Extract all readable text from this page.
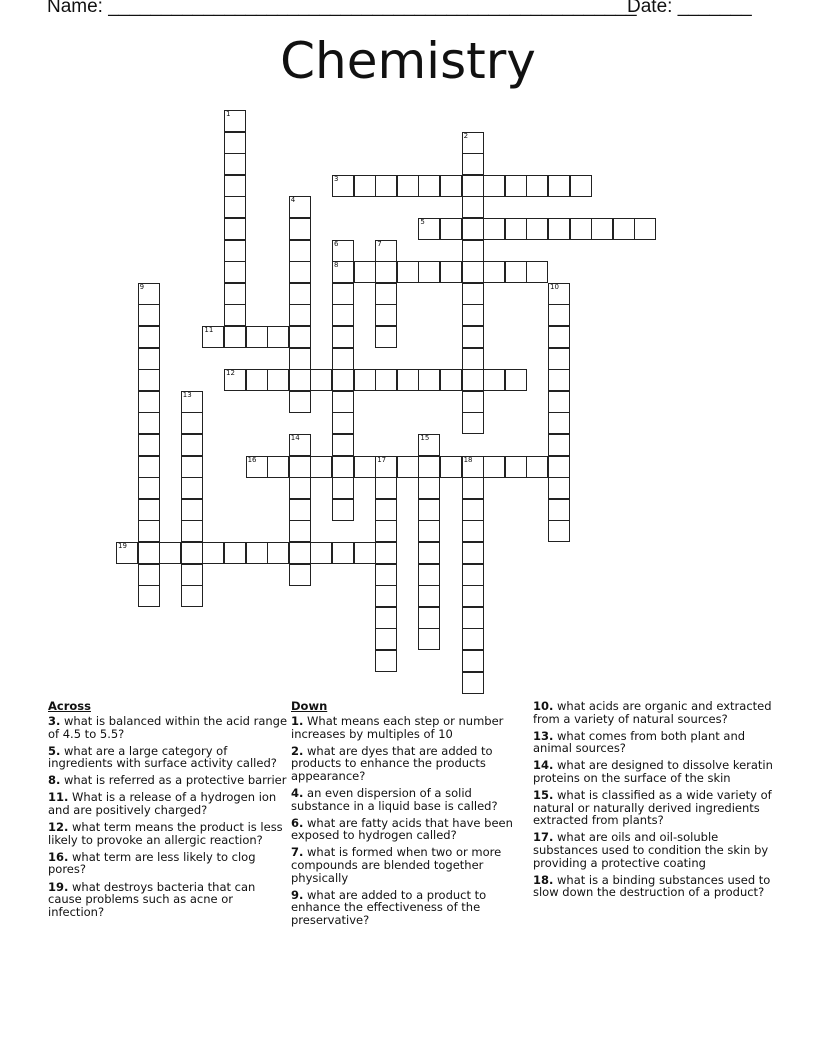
Name: __________________________________________________
Date: _______
Chemistry
1
2
3
4
5
6
8
7
9	10
11
12
13
14	15
16	17	18
19
Across
3. what is balanced within the acid range of 4.5 to 5.5?
5. what are a large category of ingredients with surface activity called?
8. what is referred as a protective barrier
11. What is a release of a hydrogen ion and are positively charged?
12. what term means the product is less likely to provoke an allergic reaction?
16. what term are less likely to clog pores?
19. what destroys bacteria that can cause problems such as acne or infection?
Down
1. What means each step or number increases by multiples of 10
2. what are dyes that are added to products to enhance the products appearance?
4. an even dispersion of a solid substance in a liquid base is called?
6. what are fatty acids that have been exposed to hydrogen called?
7. what is formed when two or more compounds are blended together physically
9. what are added to a product to enhance the effectiveness of the preservative?
10. what acids are organic and extracted from a variety of natural sources?
13. what comes from both plant and animal sources?
14. what are designed to dissolve keratin proteins on the surface of the skin
15. what is classified as a wide variety of natural or naturally derived ingredients extracted from plants?
17. what are oils and oil-soluble substances used to condition the skin by providing a protective coating
18. what is a binding substances used to slow down the destruction of a product?
